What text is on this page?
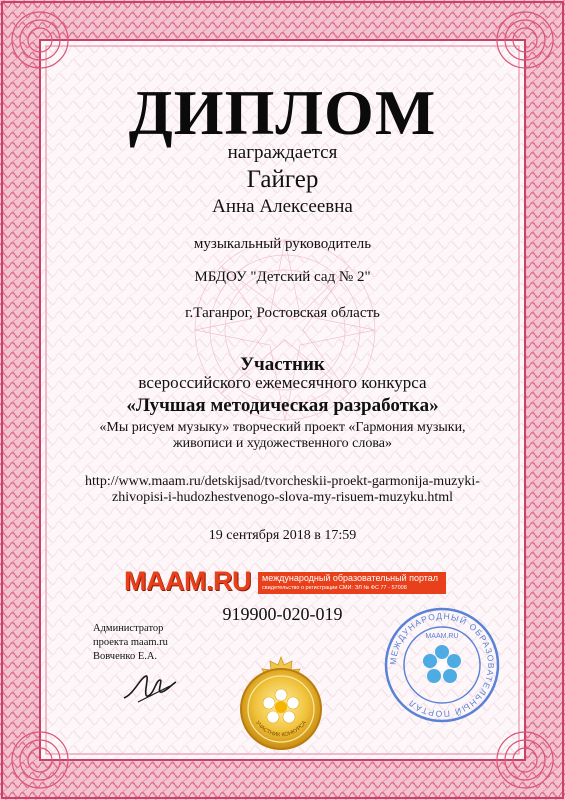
ДИПЛОМ
награждается
Гайгер
Анна Алексеевна
музыкальный руководитель
МБДОУ "Детский сад № 2"
г.Таганрог, Ростовская область
Участник
всероссийского ежемесячного конкурса
«Лучшая методическая разработка»
«Мы рисуем музыку» творческий проект «Гармония музыки,
живописи и художественного слова»
http://www.maam.ru/detskijsad/tvorcheskii-proekt-garmonija-muzyki-
zhivopisi-i-hudozhestvenogo-slova-my-risuem-muzyku.html
19 сентября 2018 в 17:59
MAAM.RU международный образовательный портал
свидетельство о регистрации СМИ: ЭЛ № ФС 77 - 57008
919900-020-019
Администратор
проекта maam.ru
Вовченко Е.А.
УЧАСТНИК КОНКУРСА
МЕЖДУНАРОДНЫЙ ОБРАЗОВАТЕЛЬНЫЙ ПОРТАЛ
МААМ.RU
